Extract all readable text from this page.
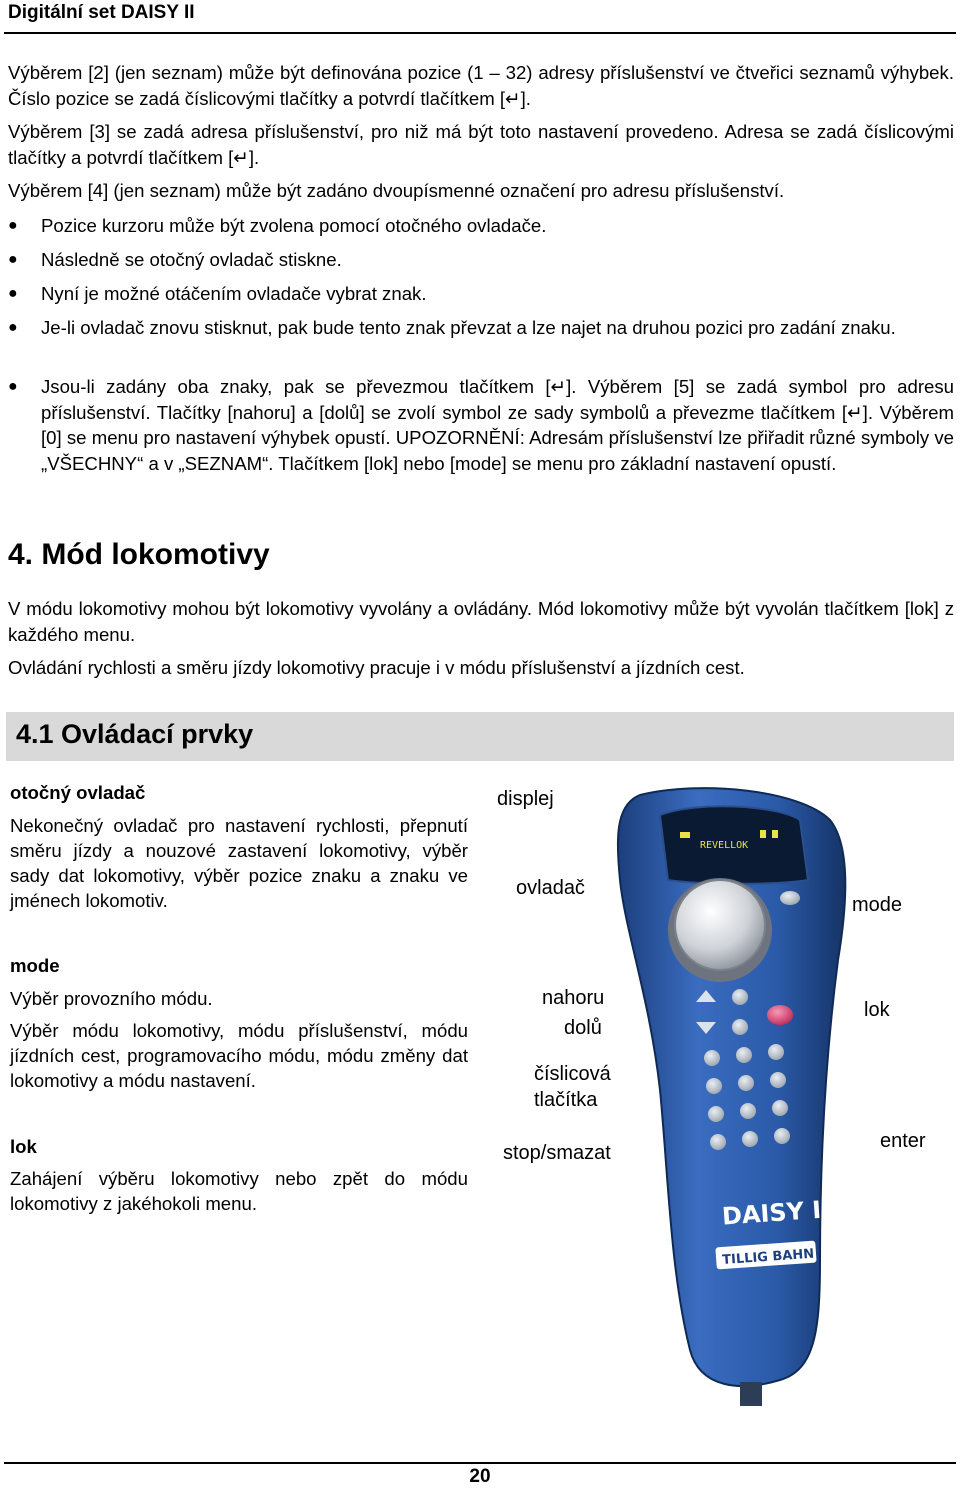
Digitální set DAISY II
Výběrem [2] (jen seznam) může být definována pozice (1 – 32) adresy příslušenství ve čtveřici seznamů výhybek. Číslo pozice se zadá číslicovými tlačítky a potvrdí tlačítkem [↵].
Výběrem [3] se zadá adresa příslušenství, pro niž má být toto nastavení provedeno. Adresa se zadá číslicovými tlačítky a potvrdí tlačítkem [↵].
Výběrem [4] (jen seznam) může být zadáno dvoupísmenné označení pro adresu příslušenství.
● Pozice kurzoru může být zvolena pomocí otočného ovladače.
● Následně se otočný ovladač stiskne.
● Nyní je možné otáčením ovladače vybrat znak.
● Je-li ovladač znovu stisknut, pak bude tento znak převzat a lze najet na druhou pozici pro zadání znaku.
● Jsou-li zadány oba znaky, pak se převezmou tlačítkem [↵]. Výběrem [5] se zadá symbol pro adresu příslušenství. Tlačítky [nahoru] a [dolů] se zvolí symbol ze sady symbolů a převezme tlačítkem [↵]. Výběrem [0] se menu pro nastavení výhybek opustí. UPOZORNĚNÍ: Adresám příslušenství lze přiřadit různé symboly ve „VŠECHNY“ a v „SEZNAM“. Tlačítkem [lok] nebo [mode] se menu pro základní nastavení opustí.
4. Mód lokomotivy
V módu lokomotivy mohou být lokomotivy vyvolány a ovládány. Mód lokomotivy může být vyvolán tlačítkem [lok] z každého menu.
Ovládání rychlosti a směru jízdy lokomotivy pracuje i v módu příslušenství a jízdních cest.
4.1 Ovládací prvky
otočný ovladač
Nekonečný ovladač pro nastavení rychlosti, přepnutí směru jízdy a nouzové zastavení lokomotivy, výběr sady dat lokomotivy, výběr pozice znaku a znaku ve jménech lokomotiv.
mode
Výběr provozního módu.
Výběr módu lokomotivy, módu příslušenství, módu jízdních cest, programovacího módu, módu změny dat lokomotivy a módu nastavení.
lok
Zahájení výběru lokomotivy nebo zpět do módu lokomotivy z jakéhokoli menu.
REVELLOK
DAISY II
TILLIG BAHN
displej
ovladač
mode
nahoru
dolů
lok
číslicová
tlačítka
stop/smazat
enter
20
